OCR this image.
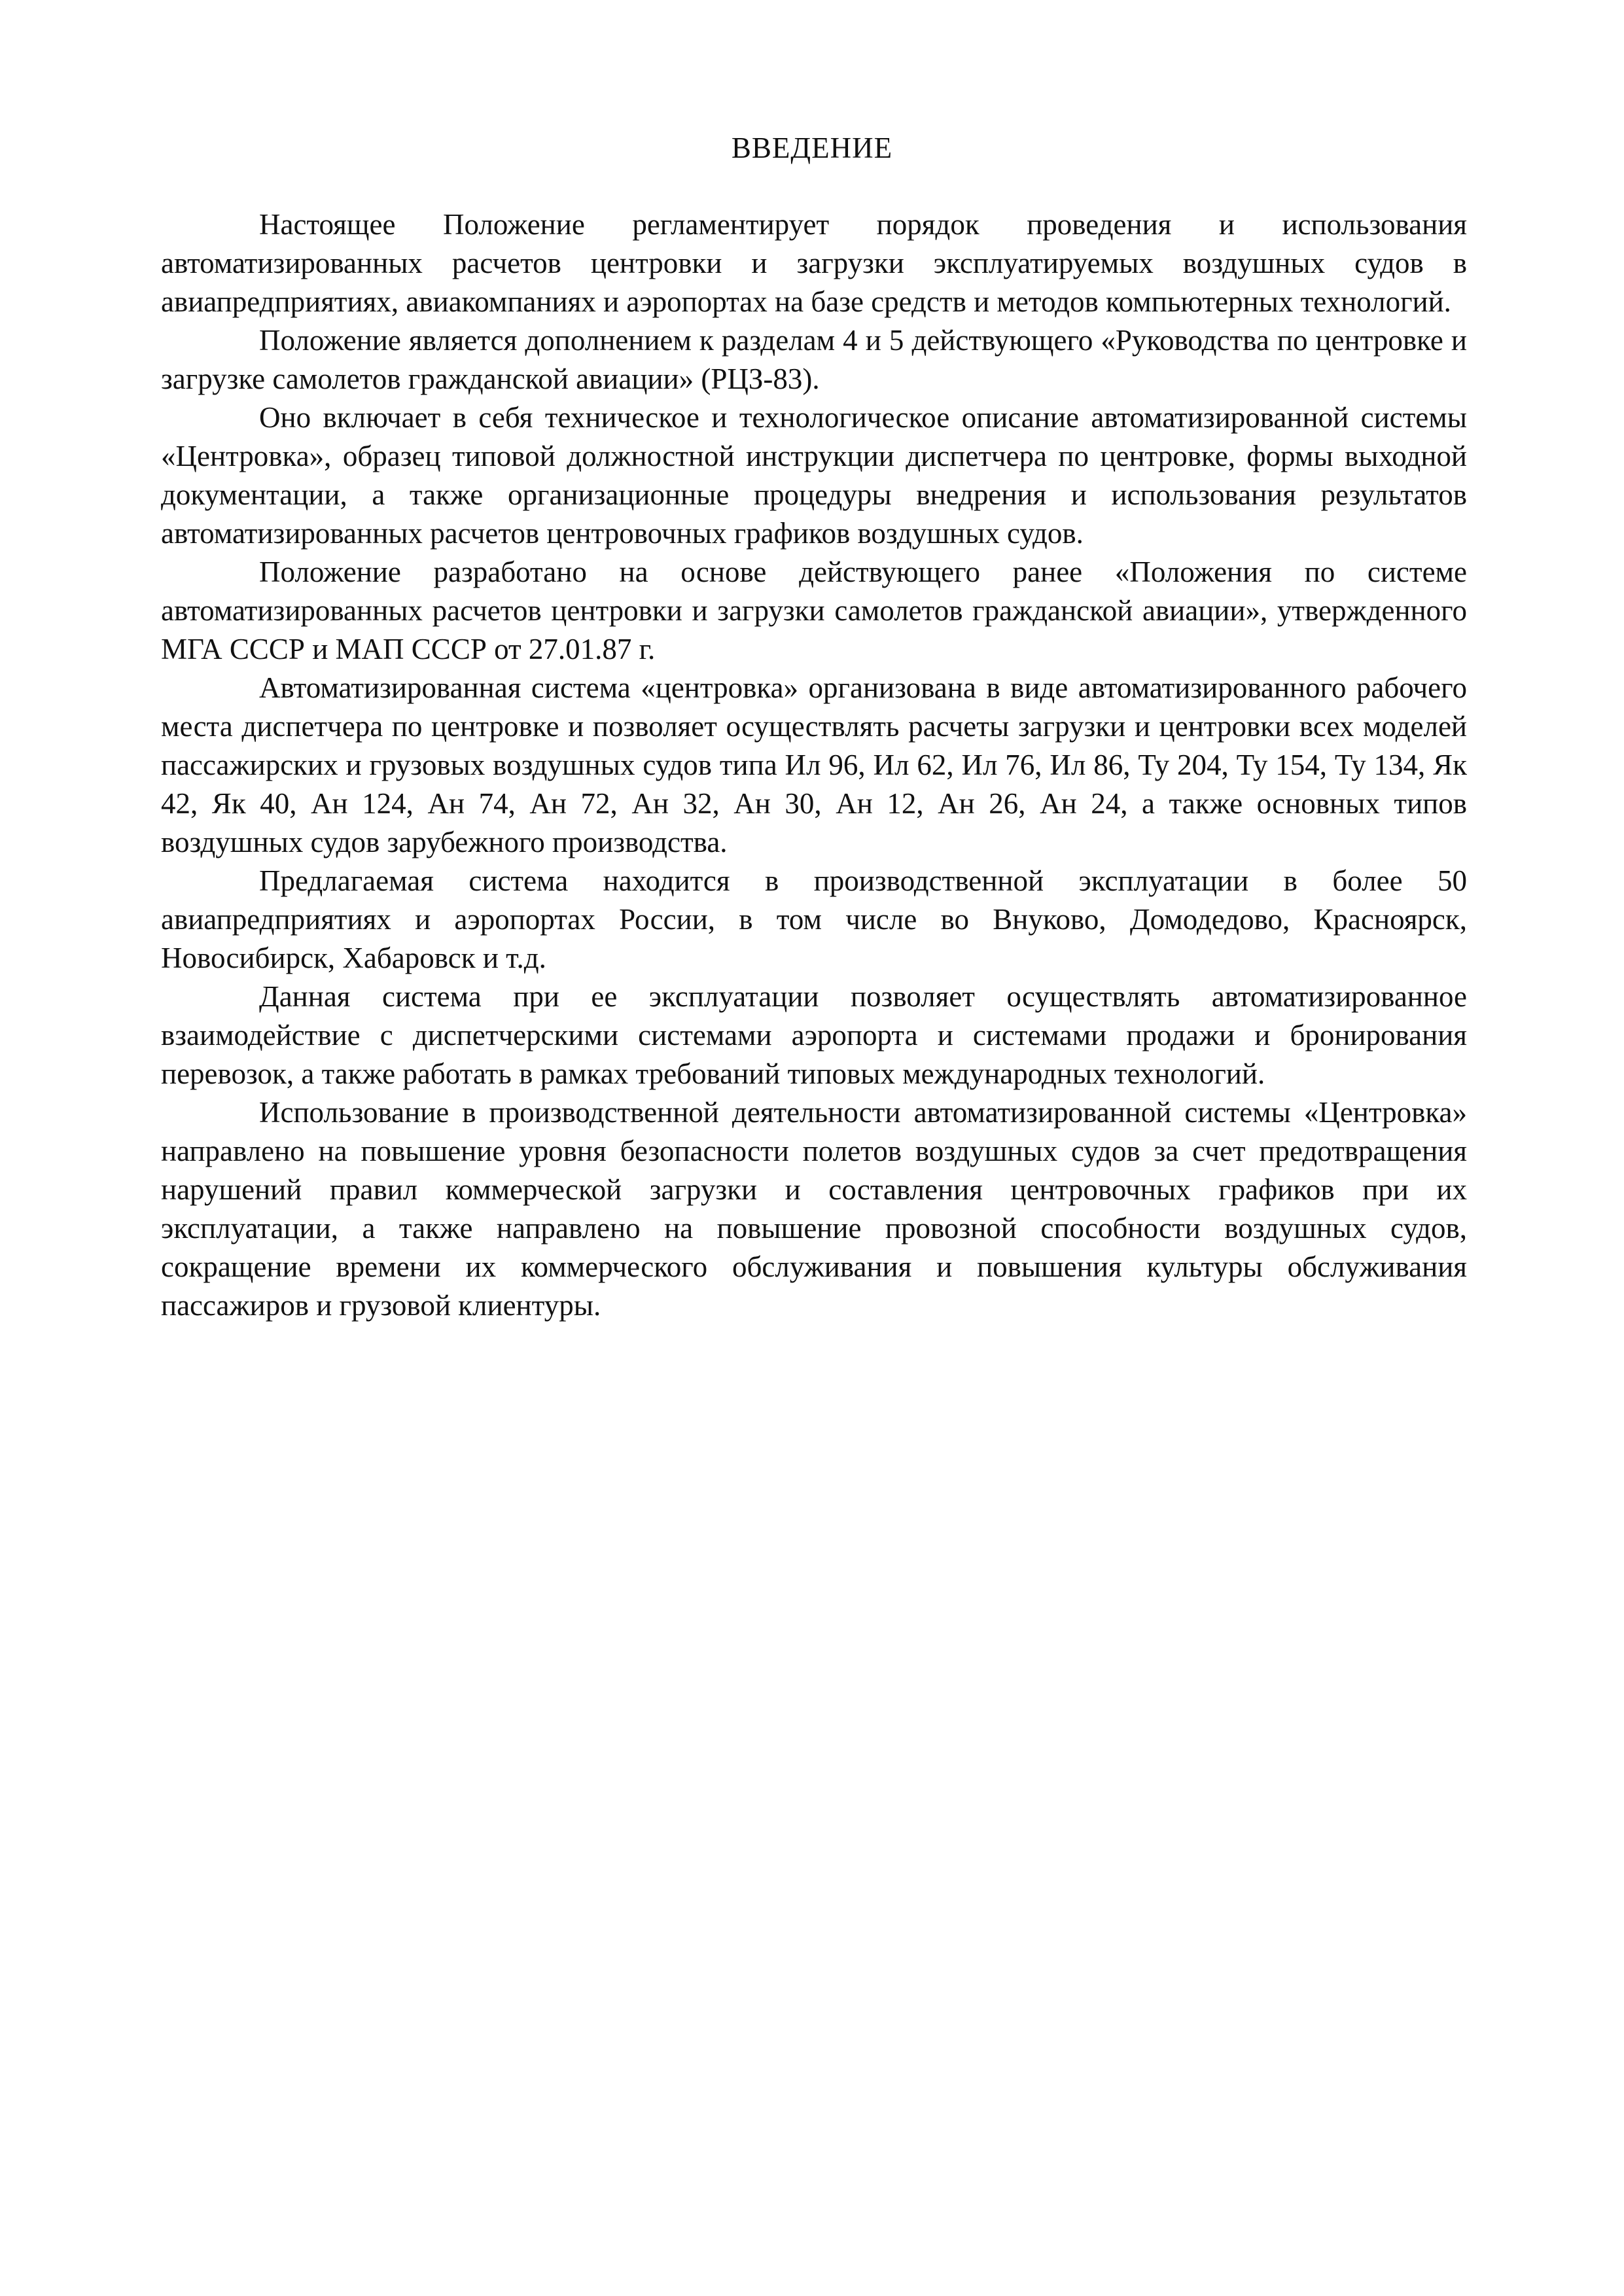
ВВЕДЕНИЕ

Настоящее Положение регламентирует порядок проведения и использования автоматизированных расчетов центровки и загрузки эксплуатируемых воздушных судов в авиапредприятиях, авиакомпаниях и аэропортах на базе средств и методов компьютерных технологий.

Положение является дополнением к разделам 4 и 5 действующего «Руководства по центровке и загрузке самолетов гражданской авиации» (РЦЗ-83).

Оно включает в себя техническое и технологическое описание автоматизированной системы «Центровка», образец типовой должностной инструкции диспетчера по центровке, формы выходной документации, а также организационные процедуры внедрения и использования результатов автоматизированных расчетов центровочных графиков воздушных судов.

Положение разработано на основе действующего ранее «Положения по системе автоматизированных расчетов центровки и загрузки самолетов гражданской авиации», утвержденного МГА СССР и МАП СССР от 27.01.87 г.

Автоматизированная система «центровка» организована в виде автоматизированного рабочего места диспетчера по центровке и позволяет осуществлять расчеты загрузки и центровки всех моделей пассажирских и грузовых воздушных судов типа Ил 96, Ил 62, Ил 76, Ил 86, Ту 204, Ту 154, Ту 134, Як 42, Як 40, Ан 124, Ан 74, Ан 72, Ан 32, Ан 30, Ан 12, Ан 26, Ан 24, а также основных типов воздушных судов зарубежного производства.

Предлагаемая система находится в производственной эксплуатации в более 50 авиапредприятиях и аэропортах России, в том числе во Внуково, Домодедово, Красноярск, Новосибирск, Хабаровск и т.д.

Данная система при ее эксплуатации позволяет осуществлять автоматизированное взаимодействие с диспетчерскими системами аэропорта и системами продажи и бронирования перевозок, а также работать в рамках требований типовых международных технологий.

Использование в производственной деятельности автоматизированной системы «Центровка» направлено на повышение уровня безопасности полетов воздушных судов за счет предотвращения нарушений правил коммерческой загрузки и составления центровочных графиков при их эксплуатации, а также направлено на повышение провозной способности воздушных судов, сокращение времени их коммерческого обслуживания и повышения культуры обслуживания пассажиров и грузовой клиентуры.
